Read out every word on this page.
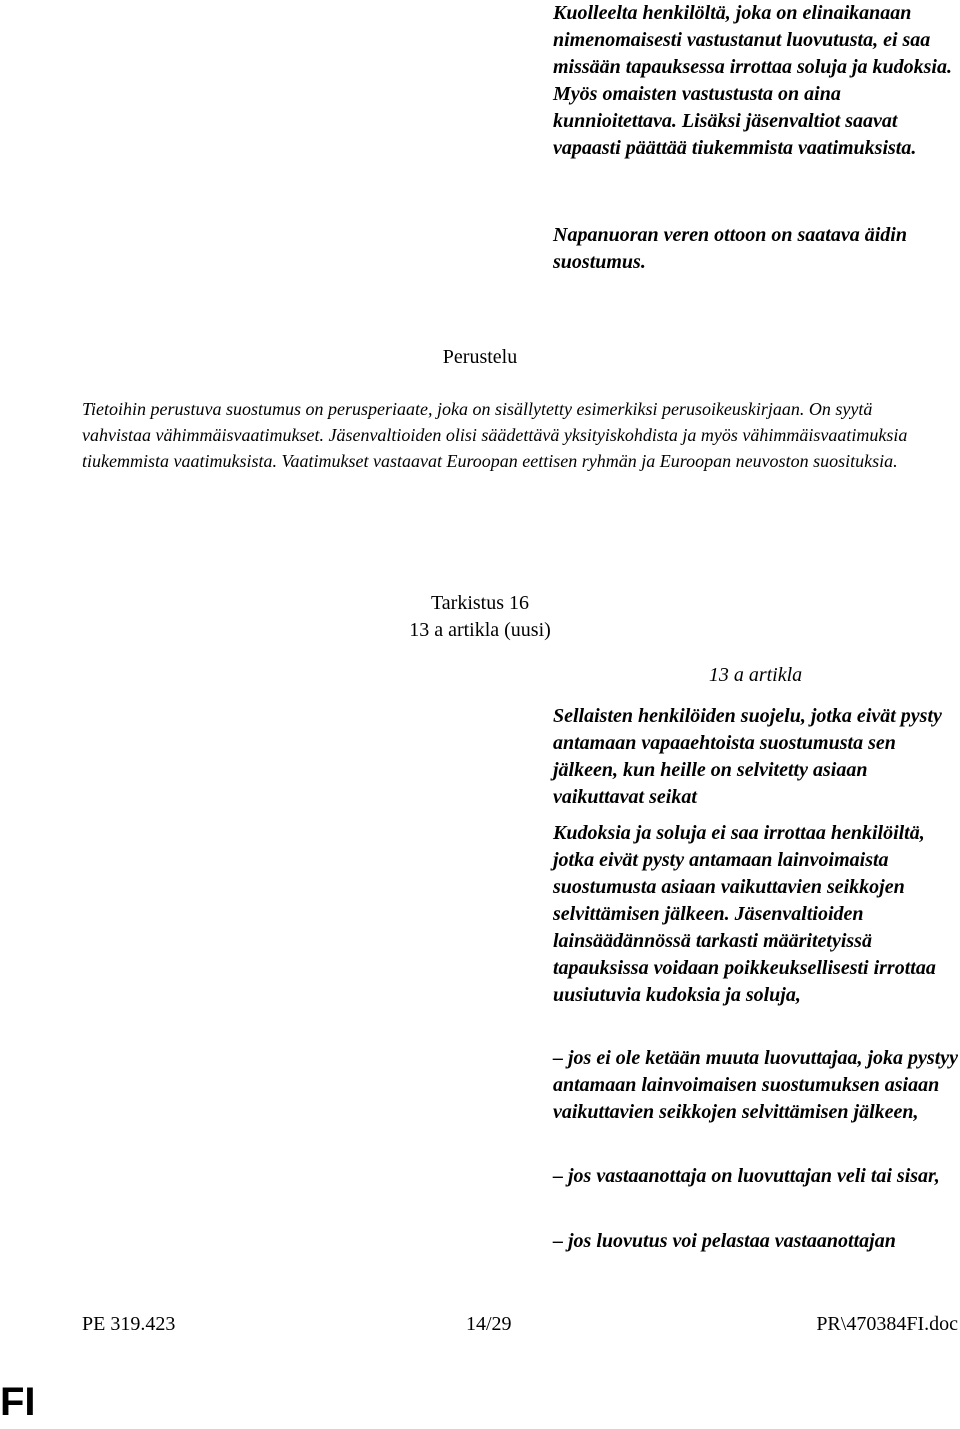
Kuolleelta henkilöltä, joka on elinaikanaan nimenomaisesti vastustanut luovutusta, ei saa missään tapauksessa irrottaa soluja ja kudoksia. Myös omaisten vastustusta on aina kunnioitettava. Lisäksi jäsenvaltiot saavat vapaasti päättää tiukemmista vaatimuksista.

Napanuoran veren ottoon on saatava äidin suostumus.

Perustelu

Tietoihin perustuva suostumus on perusperiaate, joka on sisällytetty esimerkiksi perusoikeuskirjaan. On syytä vahvistaa vähimmäisvaatimukset. Jäsenvaltioiden olisi säädettävä yksityiskohdista ja myös vähimmäisvaatimuksia tiukemmista vaatimuksista. Vaatimukset vastaavat Euroopan eettisen ryhmän ja Euroopan neuvoston suosituksia.

Tarkistus 16
13 a artikla (uusi)

13 a artikla

Sellaisten henkilöiden suojelu, jotka eivät pysty antamaan vapaaehtoista suostumusta sen jälkeen, kun heille on selvitetty asiaan vaikuttavat seikat

Kudoksia ja soluja ei saa irrottaa henkilöiltä, jotka eivät pysty antamaan lainvoimaista suostumusta asiaan vaikuttavien seikkojen selvittämisen jälkeen. Jäsenvaltioiden lainsäädännössä tarkasti määritetyissä tapauksissa voidaan poikkeuksellisesti irrottaa uusiutuvia kudoksia ja soluja,

– jos ei ole ketään muuta luovuttajaa, joka pystyy antamaan lainvoimaisen suostumuksen asiaan vaikuttavien seikkojen selvittämisen jälkeen,

– jos vastaanottaja on luovuttajan veli tai sisar,

– jos luovutus voi pelastaa vastaanottajan

PE 319.423	14/29	PR\470384FI.doc

FI
